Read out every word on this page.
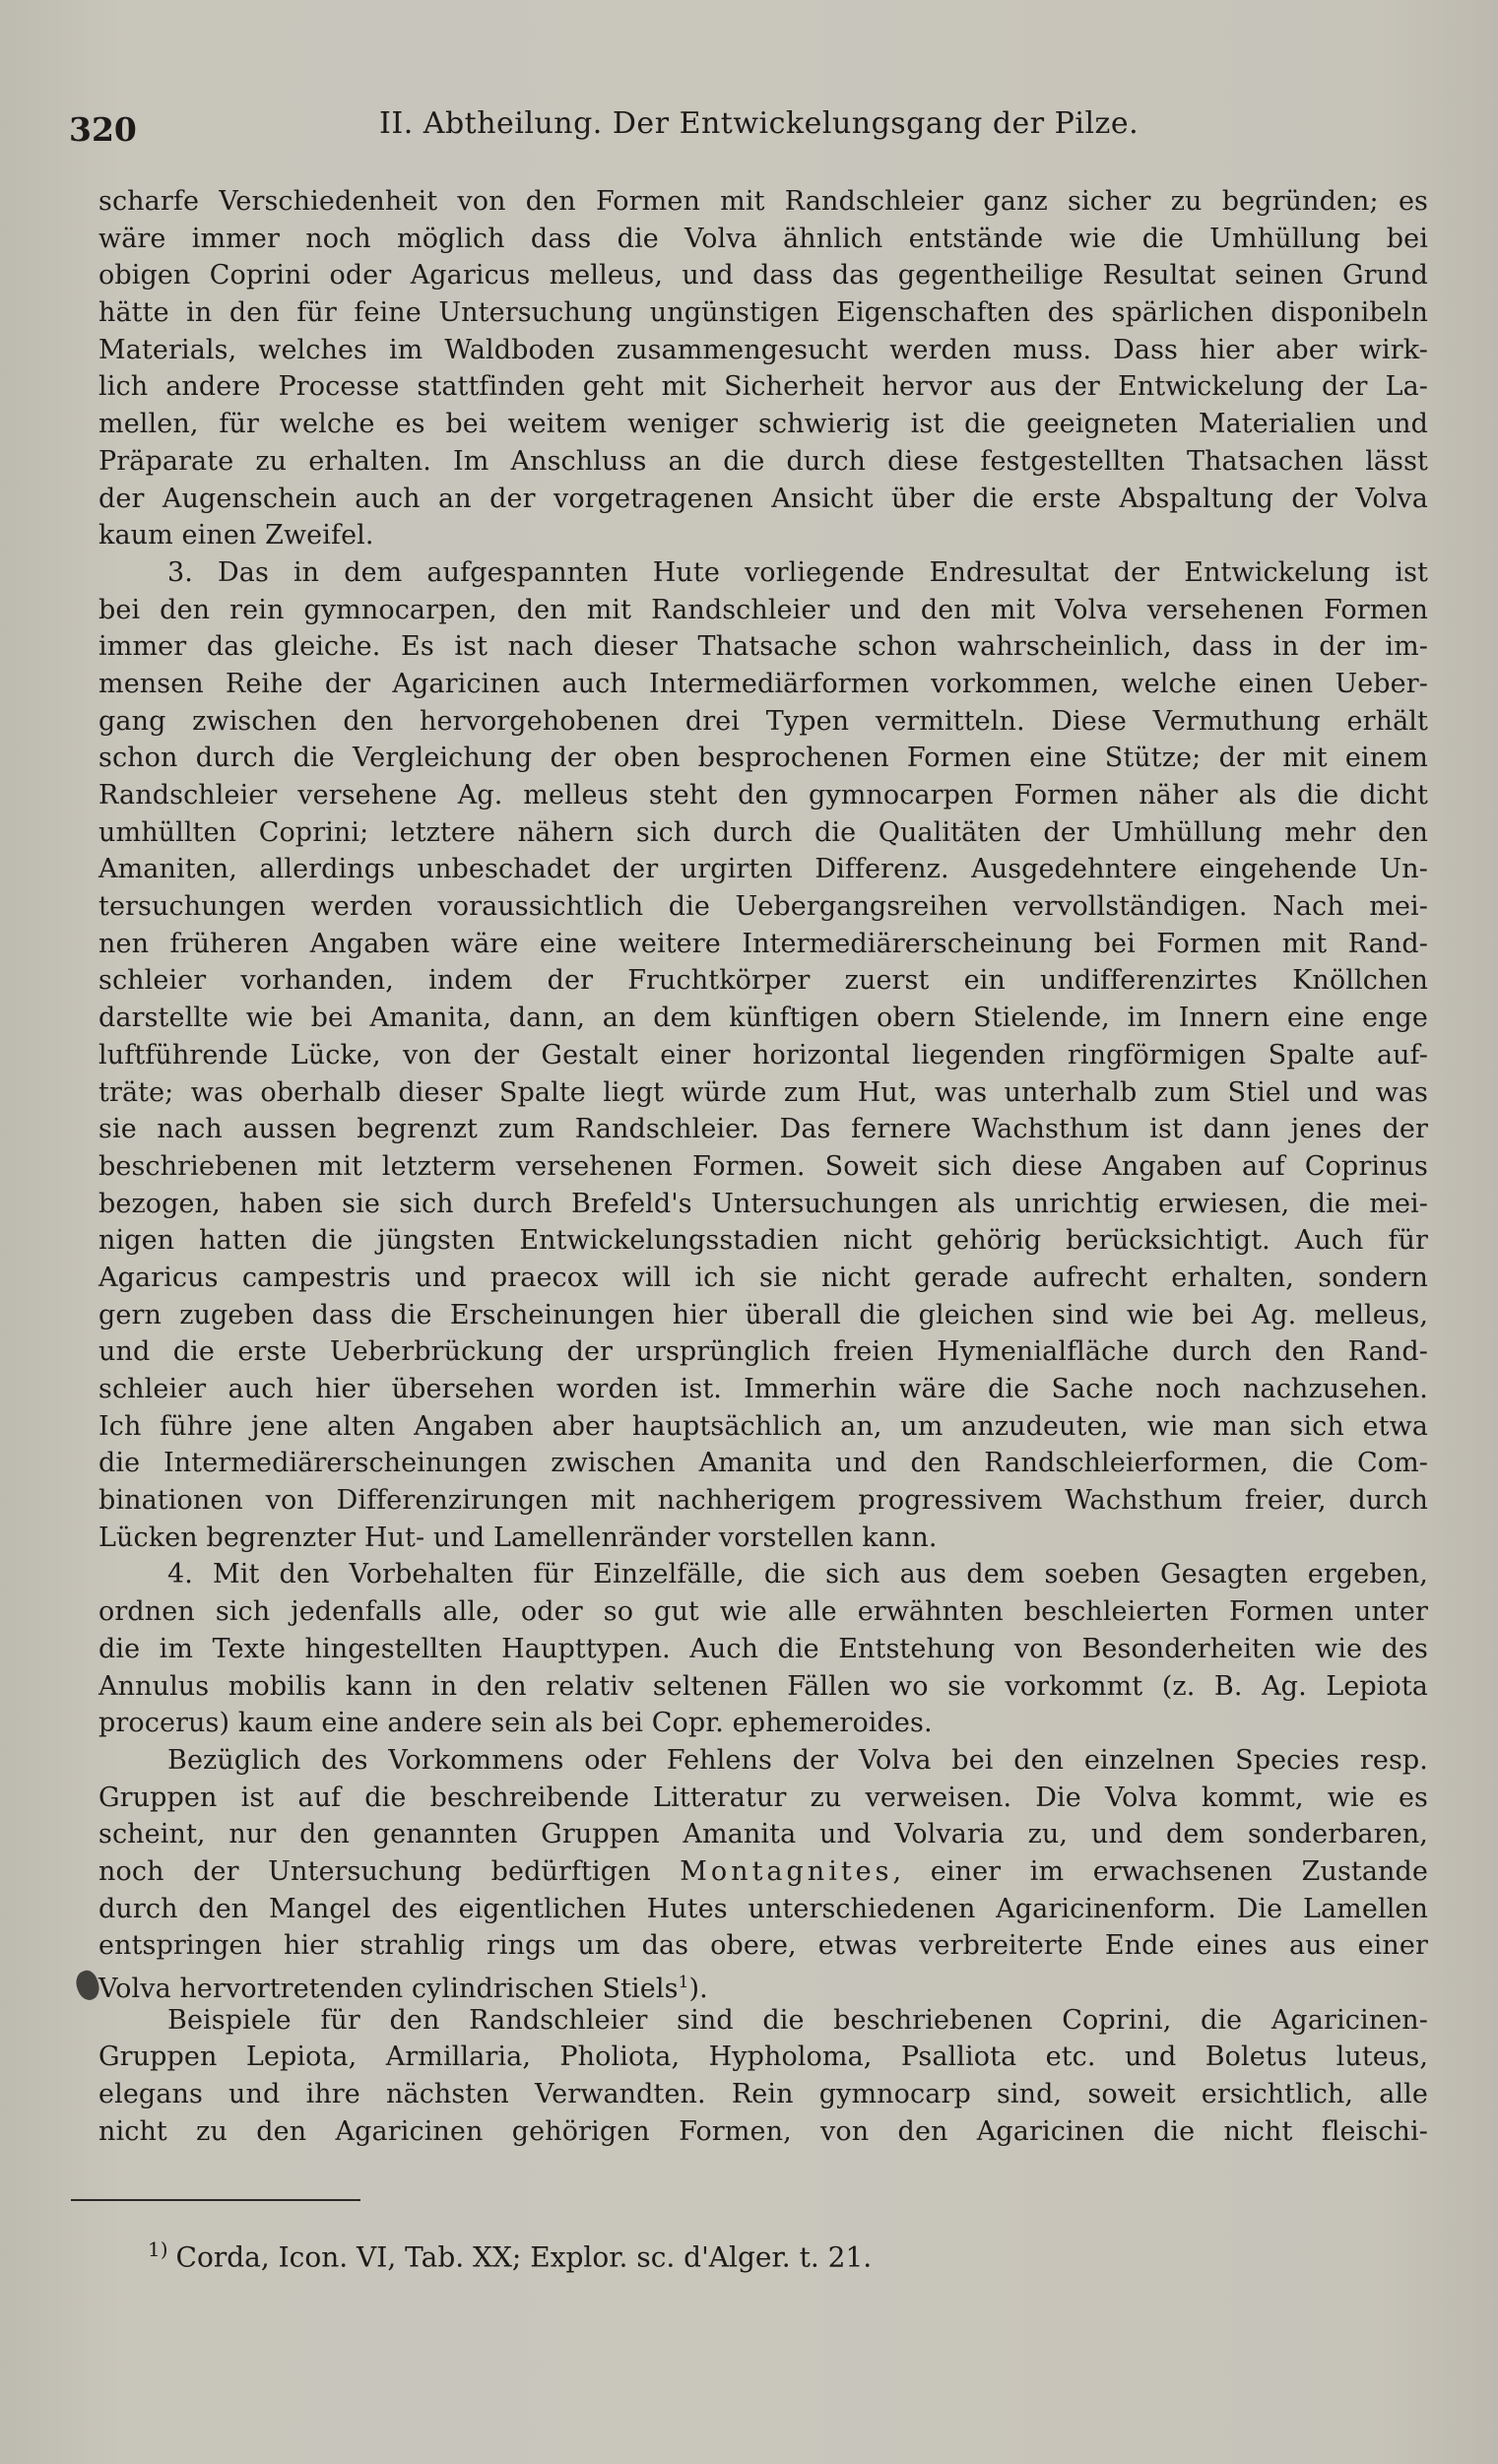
320	II. Abtheilung. Der Entwickelungsgang der Pilze.
scharfe Verschiedenheit von den Formen mit Randschleier ganz sicher zu begründen; es
wäre immer noch möglich dass die Volva ähnlich entstände wie die Umhüllung bei
obigen Coprini oder Agaricus melleus, und dass das gegentheilige Resultat seinen Grund
hätte in den für feine Untersuchung ungünstigen Eigenschaften des spärlichen disponibeln
Materials, welches im Waldboden zusammengesucht werden muss. Dass hier aber wirk-
lich andere Processe stattfinden geht mit Sicherheit hervor aus der Entwickelung der La-
mellen, für welche es bei weitem weniger schwierig ist die geeigneten Materialien und
Präparate zu erhalten. Im Anschluss an die durch diese festgestellten Thatsachen lässt
der Augenschein auch an der vorgetragenen Ansicht über die erste Abspaltung der Volva
kaum einen Zweifel.
3. Das in dem aufgespannten Hute vorliegende Endresultat der Entwickelung ist
bei den rein gymnocarpen, den mit Randschleier und den mit Volva versehenen Formen
immer das gleiche. Es ist nach dieser Thatsache schon wahrscheinlich, dass in der im-
mensen Reihe der Agaricinen auch Intermediärformen vorkommen, welche einen Ueber-
gang zwischen den hervorgehobenen drei Typen vermitteln. Diese Vermuthung erhält
schon durch die Vergleichung der oben besprochenen Formen eine Stütze; der mit einem
Randschleier versehene Ag. melleus steht den gymnocarpen Formen näher als die dicht
umhüllten Coprini; letztere nähern sich durch die Qualitäten der Umhüllung mehr den
Amaniten, allerdings unbeschadet der urgirten Differenz. Ausgedehntere eingehende Un-
tersuchungen werden voraussichtlich die Uebergangsreihen vervollständigen. Nach mei-
nen früheren Angaben wäre eine weitere Intermediärerscheinung bei Formen mit Rand-
schleier vorhanden, indem der Fruchtkörper zuerst ein undifferenzirtes Knöllchen
darstellte wie bei Amanita, dann, an dem künftigen obern Stielende, im Innern eine enge
luftführende Lücke, von der Gestalt einer horizontal liegenden ringförmigen Spalte auf-
träte; was oberhalb dieser Spalte liegt würde zum Hut, was unterhalb zum Stiel und was
sie nach aussen begrenzt zum Randschleier. Das fernere Wachsthum ist dann jenes der
beschriebenen mit letzterm versehenen Formen. Soweit sich diese Angaben auf Coprinus
bezogen, haben sie sich durch Brefeld's Untersuchungen als unrichtig erwiesen, die mei-
nigen hatten die jüngsten Entwickelungsstadien nicht gehörig berücksichtigt. Auch für
Agaricus campestris und praecox will ich sie nicht gerade aufrecht erhalten, sondern
gern zugeben dass die Erscheinungen hier überall die gleichen sind wie bei Ag. melleus,
und die erste Ueberbrückung der ursprünglich freien Hymenialfläche durch den Rand-
schleier auch hier übersehen worden ist. Immerhin wäre die Sache noch nachzusehen.
Ich führe jene alten Angaben aber hauptsächlich an, um anzudeuten, wie man sich etwa
die Intermediärerscheinungen zwischen Amanita und den Randschleierformen, die Com-
binationen von Differenzirungen mit nachherigem progressivem Wachsthum freier, durch
Lücken begrenzter Hut- und Lamellenränder vorstellen kann.
4. Mit den Vorbehalten für Einzelfälle, die sich aus dem soeben Gesagten ergeben,
ordnen sich jedenfalls alle, oder so gut wie alle erwähnten beschleierten Formen unter
die im Texte hingestellten Haupttypen. Auch die Entstehung von Besonderheiten wie des
Annulus mobilis kann in den relativ seltenen Fällen wo sie vorkommt (z. B. Ag. Lepiota
procerus) kaum eine andere sein als bei Copr. ephemeroides.
Bezüglich des Vorkommens oder Fehlens der Volva bei den einzelnen Species resp.
Gruppen ist auf die beschreibende Litteratur zu verweisen. Die Volva kommt, wie es
scheint, nur den genannten Gruppen Amanita und Volvaria zu, und dem sonderbaren,
noch der Untersuchung bedürftigen Montagnites, einer im erwachsenen Zustande
durch den Mangel des eigentlichen Hutes unterschiedenen Agaricinenform. Die Lamellen
entspringen hier strahlig rings um das obere, etwas verbreiterte Ende eines aus einer
Volva hervortretenden cylindrischen Stiels$^1$).
Beispiele für den Randschleier sind die beschriebenen Coprini, die Agaricinen-
Gruppen Lepiota, Armillaria, Pholiota, Hypholoma, Psalliota etc. und Boletus luteus,
elegans und ihre nächsten Verwandten. Rein gymnocarp sind, soweit ersichtlich, alle
nicht zu den Agaricinen gehörigen Formen, von den Agaricinen die nicht fleischi-
$^{1)}$ Corda, Icon. VI, Tab. XX; Explor. sc. d'Alger. t. 21.
